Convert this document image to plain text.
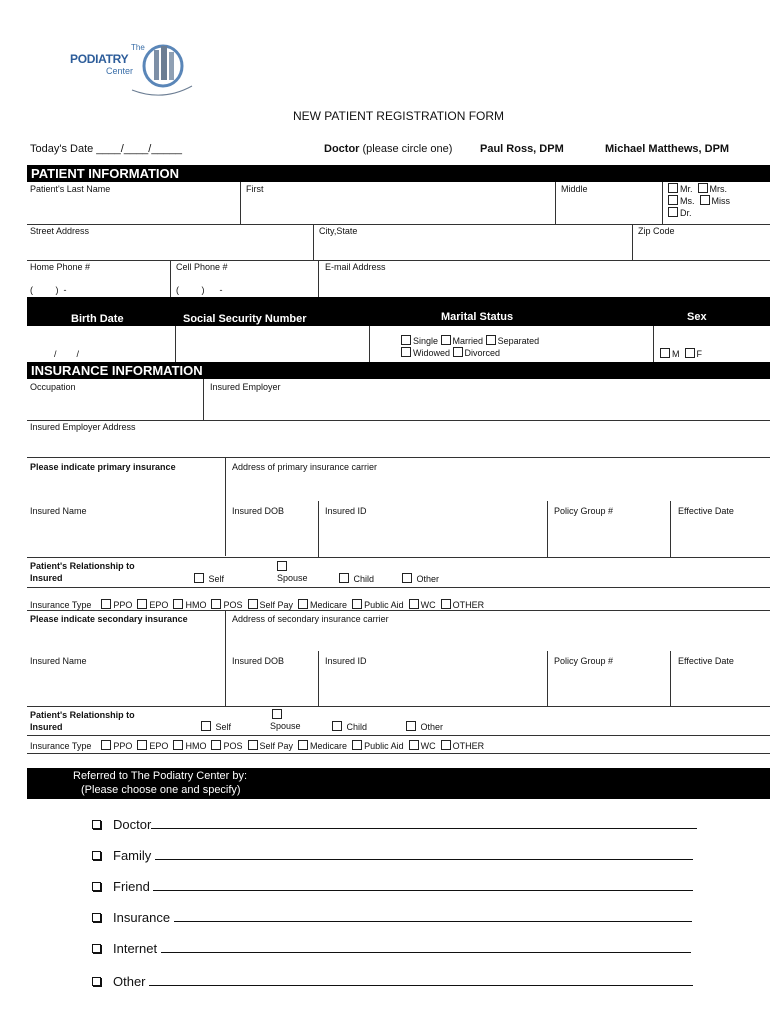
The
PODIATRY
Center
NEW PATIENT REGISTRATION FORM
Today's Date ____/____/_____	Doctor (please circle one)	Paul Ross, DPM	Michael Matthews, DPM
PATIENT INFORMATION
Patient's Last Name	First	Middle	Mr. Mrs.
Ms. Miss
Dr.
Street Address	City,State	Zip Code
Home Phone #	Cell Phone #	E-mail Address
(         )  -	(         )      -
Birth Date	Social Security Number	Marital Status	Sex
/        /
Single Married Separated
Widowed Divorced	M F
INSURANCE INFORMATION
Occupation	Insured Employer
Insured Employer Address
Please indicate primary insurance	Address of primary insurance carrier
Insured Name	Insured DOB	Insured ID	Policy Group #	Effective Date
Patient's Relationship to
Insured	Self	Spouse	Child	Other
Insurance Type PPO EPO HMO POS Self Pay Medicare Public Aid WC OTHER
Please indicate secondary insurance	Address of secondary insurance carrier
Insured Name	Insured DOB	Insured ID	Policy Group #	Effective Date
Patient's Relationship to
Insured	Self	Spouse	Child	Other
Insurance Type PPO EPO HMO POS Self Pay Medicare Public Aid WC OTHER
Referred to The Podiatry Center by:
(Please choose one and specify)
Doctor
Family
Friend
Insurance
Internet
Other
